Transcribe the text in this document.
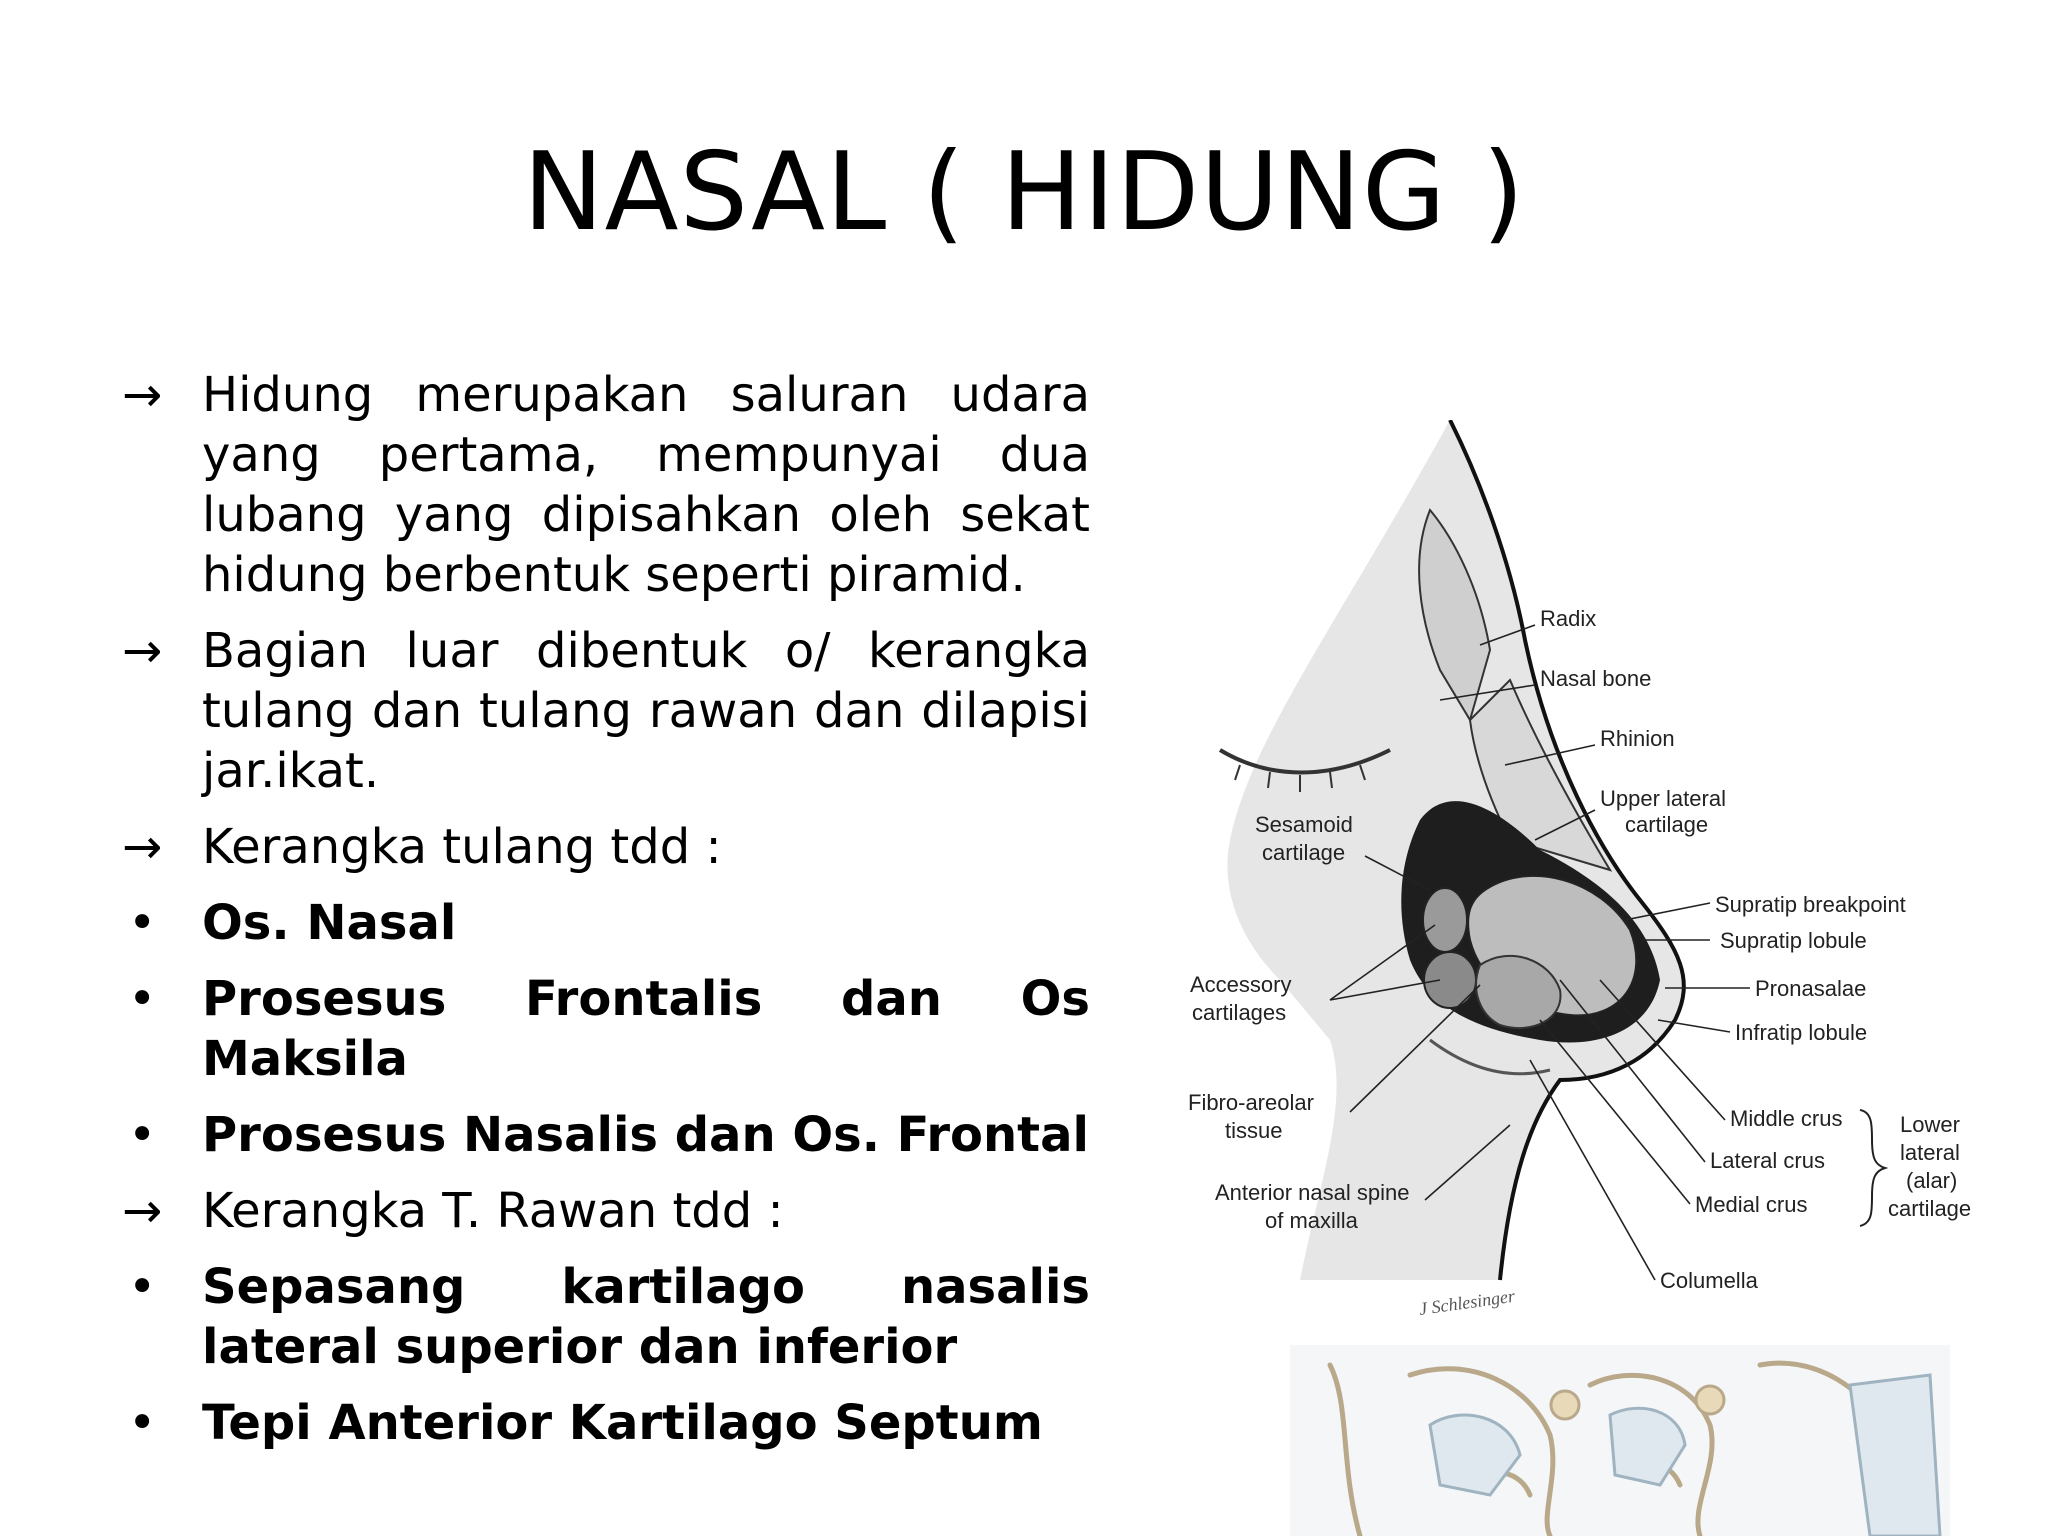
NASAL ( HIDUNG )
→ Hidung merupakan saluran udara yang pertama, mempunyai dua lubang yang dipisahkan oleh sekat hidung berbentuk seperti piramid.
→ Bagian luar dibentuk o/ kerangka tulang dan tulang rawan dan dilapisi jar.ikat.
→ Kerangka tulang tdd :
• Os. Nasal
• Prosesus Frontalis dan Os Maksila
• Prosesus Nasalis dan Os. Frontal
→ Kerangka T. Rawan tdd :
• Sepasang kartilago nasalis lateral superior dan inferior
• Tepi Anterior Kartilago Septum
Radix
Nasal bone
Rhinion
Upper lateral
cartilage
Supratip breakpoint
Supratip lobule
Pronasalae
Infratip lobule
Middle crus
Lateral crus
Medial crus
Columella
Lower
lateral
(alar)
cartilage
Sesamoid
cartilage
Accessory
cartilages
Fibro-areolar
tissue
Anterior nasal spine
of maxilla
J Schlesinger
